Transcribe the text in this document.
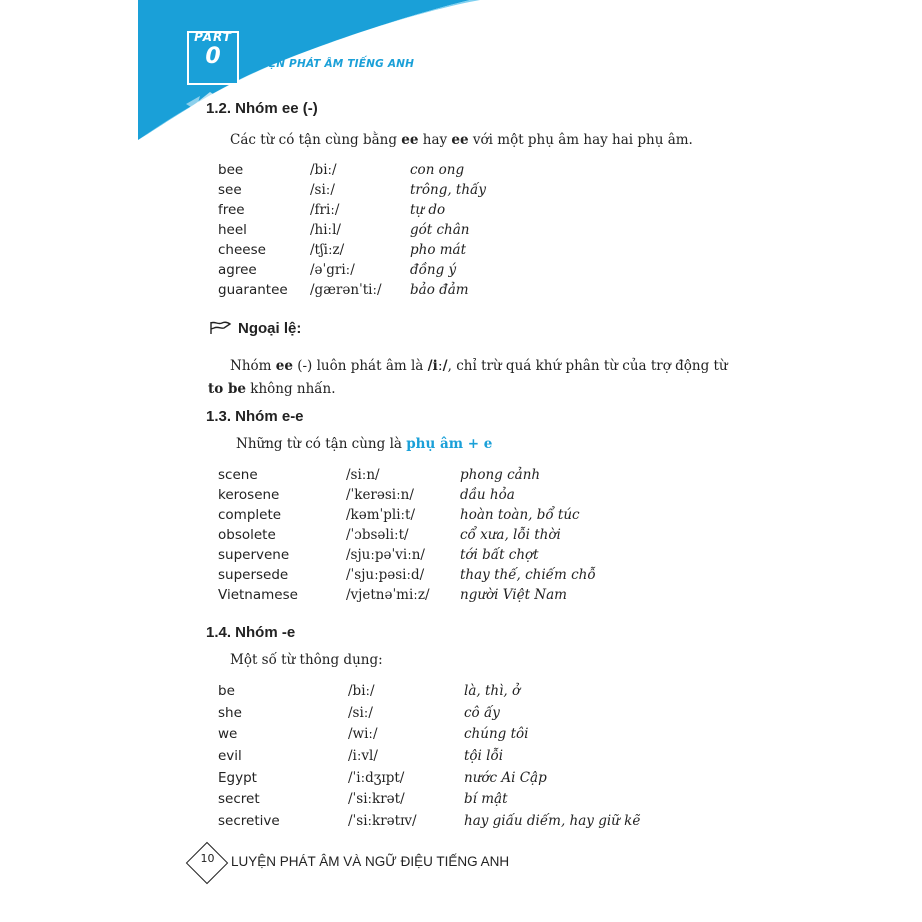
PART
0	LUYỆN PHÁT ÂM TIẾNG ANH
1.2. Nhóm ee (-)
Các từ có tận cùng bằng ee hay ee với một phụ âm hay hai phụ âm.
bee	/biː/	con ong
see	/siː/	trông, thấy
free	/friː/	tự do
heel	/hiːl/	gót chân
cheese	/tʃiːz/	pho mát
agree	/əˈgriː/	đồng ý
guarantee	/gærənˈtiː/	bảo đảm
Ngoại lệ:
Nhóm ee (-) luôn phát âm là /iː/, chỉ trừ quá khứ phân từ của trợ động từ
to be không nhấn.
1.3. Nhóm e-e
Những từ có tận cùng là phụ âm + e
scene	/siːn/	phong cảnh
kerosene	/ˈkerəsiːn/	dầu hỏa
complete	/kəmˈpliːt/	hoàn toàn, bổ túc
obsolete	/ˈɔbsəliːt/	cổ xưa, lỗi thời
supervene	/sjuːpəˈviːn/	tới bất chợt
supersede	/ˈsjuːpəsiːd/	thay thế, chiếm chỗ
Vietnamese	/vjetnəˈmiːz/	người Việt Nam
1.4. Nhóm -e
Một số từ thông dụng:
be	/biː/	là, thì, ở
she	/siː/	cô ấy
we	/wiː/	chúng tôi
evil	/iːvl/	tội lỗi
Egypt	/ˈiːdʒɪpt/	nước Ai Cập
secret	/ˈsiːkrət/	bí mật
secretive	/ˈsiːkrətɪv/	hay giấu diếm, hay giữ kẽ
10	LUYỆN PHÁT ÂM VÀ NGỮ ĐIỆU TIẾNG ANH
